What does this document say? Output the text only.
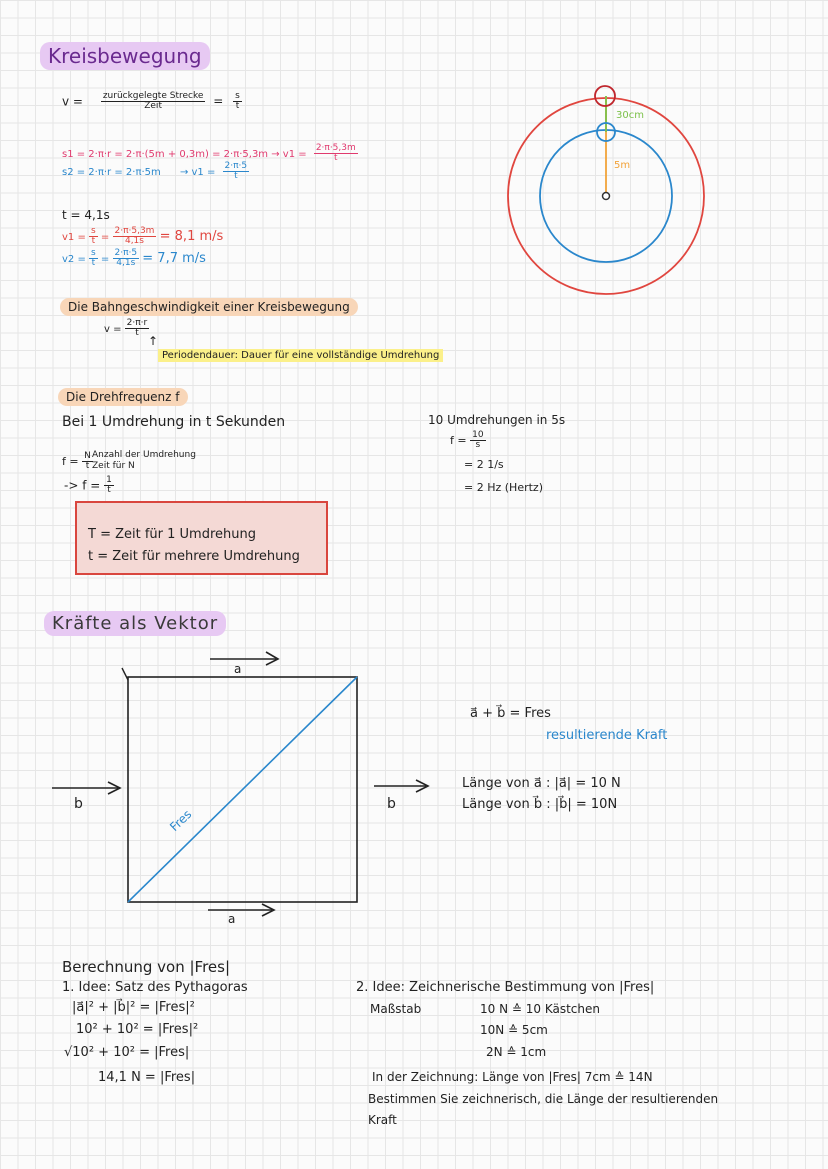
Kreisbewegung
$v = \frac{\text{zurückgelegte Strecke}}{\text{Zeit}} = \frac{s}{t}$
$s1 = 2\cdot\pi\cdot r = 2\cdot\pi\cdot(5m + 0,3m) = 2\cdot\pi\cdot 5,3m \to v1 = \frac{2\cdot\pi\cdot 5,3m}{t}$
$s2 = 2\cdot\pi\cdot r = 2\cdot\pi\cdot 5m \to v1 = \frac{2\cdot\pi\cdot 5}{t}$
t = 4,1s
$v1 = \frac{s}{t} = \frac{2\cdot\pi\cdot 5,3m}{4,1s} = 8,1$ m/s
$v2 = \frac{s}{t} = \frac{2\cdot\pi\cdot 5}{4,1s} = 7,7$ m/s
30cm
5m
Die Bahngeschwindigkeit einer Kreisbewegung
$v = \frac{2\cdot\pi\cdot r}{t}$
↑
Periodendauer: Dauer für eine vollständige Umdrehung
Die Drehfrequenz f
Bei 1 Umdrehung in t Sekunden
$f = \frac{N}{t}$ Anzahl der Umdrehung
Zeit für N
-> $f = \frac{1}{t}$
10 Umdrehungen in 5s
$f = \frac{10}{s}$
= 2 1/s
= 2 Hz (Hertz)
T = Zeit für 1 Umdrehung
t = Zeit für mehrere Umdrehung
Kräfte als Vektor
a
a
b	b
Fres
a⃗ + b⃗ = Fres
resultierende Kraft
Länge von a⃗ : |a⃗| = 10 N
Länge von b⃗ : |b⃗| = 10N
Berechnung von |Fres|
1. Idee: Satz des Pythagoras
|a⃗|² + |b⃗|² = |Fres|²
10² + 10² = |Fres|²
√10² + 10² = |Fres|
14,1 N = |Fres|
2. Idee: Zeichnerische Bestimmung von |Fres|
Maßstab	10 N ≙ 10 Kästchen
10N ≙ 5cm
2N ≙ 1cm
In der Zeichnung: Länge von |Fres| 7cm ≙ 14N
Bestimmen Sie zeichnerisch, die Länge der resultierenden
Kraft
